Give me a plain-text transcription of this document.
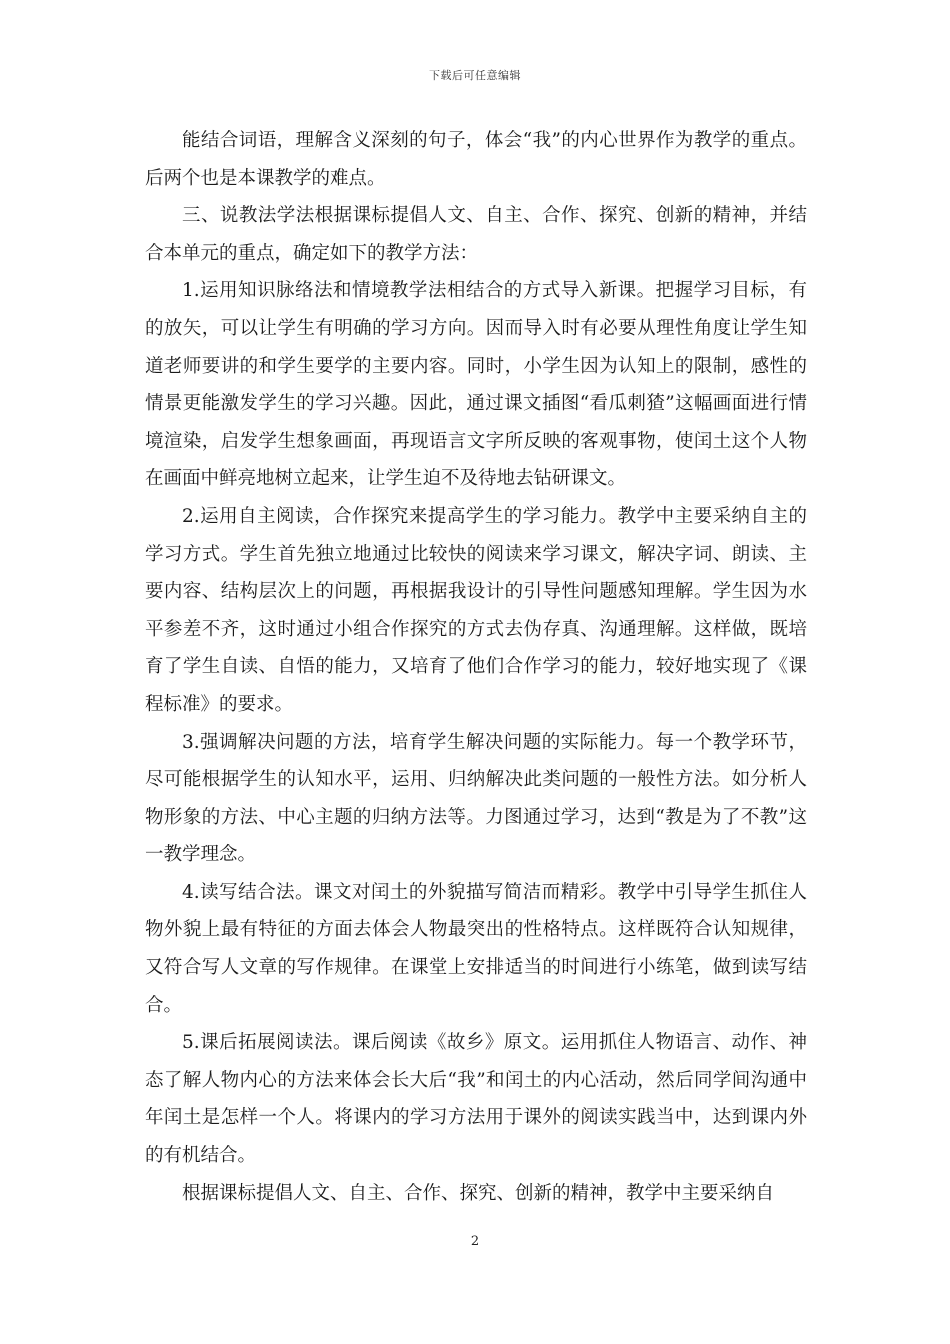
下载后可任意编辑

能结合词语，理解含义深刻的句子，体会“我”的内心世界作为教学的重点。后两个也是本课教学的难点。

三、说教法学法根据课标提倡人文、自主、合作、探究、创新的精神，并结合本单元的重点，确定如下的教学方法：

1.运用知识脉络法和情境教学法相结合的方式导入新课。把握学习目标，有的放矢，可以让学生有明确的学习方向。因而导入时有必要从理性角度让学生知道老师要讲的和学生要学的主要内容。同时，小学生因为认知上的限制，感性的情景更能激发学生的学习兴趣。因此，通过课文插图“看瓜刺猹”这幅画面进行情境渲染，启发学生想象画面，再现语言文字所反映的客观事物，使闰土这个人物在画面中鲜亮地树立起来，让学生迫不及待地去钻研课文。

2.运用自主阅读，合作探究来提高学生的学习能力。教学中主要采纳自主的学习方式。学生首先独立地通过比较快的阅读来学习课文，解决字词、朗读、主要内容、结构层次上的问题，再根据我设计的引导性问题感知理解。学生因为水平参差不齐，这时通过小组合作探究的方式去伪存真、沟通理解。这样做，既培育了学生自读、自悟的能力，又培育了他们合作学习的能力，较好地实现了《课程标准》的要求。

3.强调解决问题的方法，培育学生解决问题的实际能力。每一个教学环节，尽可能根据学生的认知水平，运用、归纳解决此类问题的一般性方法。如分析人物形象的方法、中心主题的归纳方法等。力图通过学习，达到“教是为了不教”这一教学理念。

4.读写结合法。课文对闰土的外貌描写简洁而精彩。教学中引导学生抓住人物外貌上最有特征的方面去体会人物最突出的性格特点。这样既符合认知规律，又符合写人文章的写作规律。在课堂上安排适当的时间进行小练笔，做到读写结合。

5.课后拓展阅读法。课后阅读《故乡》原文。运用抓住人物语言、动作、神态了解人物内心的方法来体会长大后“我”和闰土的内心活动，然后同学间沟通中年闰土是怎样一个人。将课内的学习方法用于课外的阅读实践当中，达到课内外的有机结合。

根据课标提倡人文、自主、合作、探究、创新的精神，教学中主要采纳自

2
